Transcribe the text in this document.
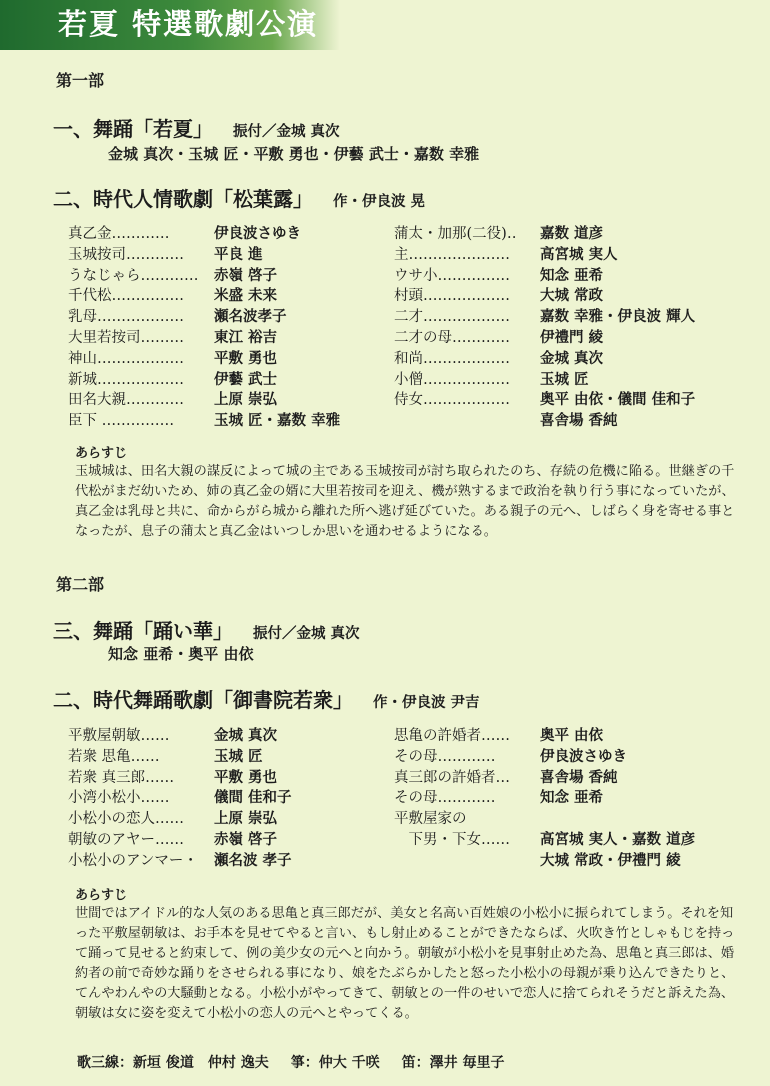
若夏 特選歌劇公演
第一部
一、舞踊「若夏」 振付／金城 真次
金城 真次・玉城 匠・平敷 勇也・伊藝 武士・嘉数 幸雅
二、時代人情歌劇「松葉露」 作・伊良波 晃
真乙金…………	伊良波さゆき
玉城按司…………	平良 進
うなじゃら…………	赤嶺 啓子
千代松……………	米盛 未来
乳母………………	瀬名波孝子
大里若按司………	東江 裕吉
神山………………	平敷 勇也
新城………………	伊藝 武士
田名大親…………	上原 崇弘
臣下 ……………	玉城 匠・嘉数 幸雅
蒲太・加那(二役)‥	嘉数 道彦
主…………………	高宮城 実人
ウサ小……………	知念 亜希
村頭………………	大城 常政
二才………………	嘉数 幸雅・伊良波 輝人
二才の母…………	伊禮門 綾
和尚………………	金城 真次
小僧………………	玉城 匠
侍女………………	奥平 由依・儀間 佳和子
喜舎場 香純
あらすじ

玉城城は、田名大親の謀反によって城の主である玉城按司が討ち取られたのち、存続の危機に陥る。世継ぎの千代松がまだ幼いため、姉の真乙金の婿に大里若按司を迎え、機が熟するまで政治を執り行う事になっていたが、真乙金は乳母と共に、命からがら城から離れた所へ逃げ延びていた。ある親子の元へ、しばらく身を寄せる事となったが、息子の蒲太と真乙金はいつしか思いを通わせるようになる。

第二部
三、舞踊「踊い華」 振付／金城 真次
知念 亜希・奥平 由依
二、時代舞踊歌劇「御書院若衆」 作・伊良波 尹吉
平敷屋朝敏……	金城 真次
若衆 思亀……	玉城 匠
若衆 真三郎……	平敷 勇也
小湾小松小……	儀間 佳和子
小松小の恋人……	上原 崇弘
朝敏のアヤー……	赤嶺 啓子
小松小のアンマー・	瀬名波 孝子
思亀の許婚者……	奥平 由依
その母…………	伊良波さゆき
真三郎の許婚者…	喜舎場 香純
その母…………	知念 亜希
平敷屋家の
　下男・下女……	高宮城 実人・嘉数 道彦
大城 常政・伊禮門 綾
あらすじ

世間ではアイドル的な人気のある思亀と真三郎だが、美女と名高い百姓娘の小松小に振られてしまう。それを知った平敷屋朝敏は、お手本を見せてやると言い、もし射止めることができたならば、火吹き竹としゃもじを持って踊って見せると約束して、例の美少女の元へと向かう。朝敏が小松小を見事射止めた為、思亀と真三郎は、婚約者の前で奇妙な踊りをさせられる事になり、娘をたぶらかしたと怒った小松小の母親が乗り込んできたりと、てんやわんやの大騒動となる。小松小がやってきて、朝敏との一件のせいで恋人に捨てられそうだと訴えた為、朝敏は女に姿を変えて小松小の恋人の元へとやってくる。

歌三線：新垣 俊道　仲村 逸夫 箏：仲大 千咲 笛：澤井 毎里子
